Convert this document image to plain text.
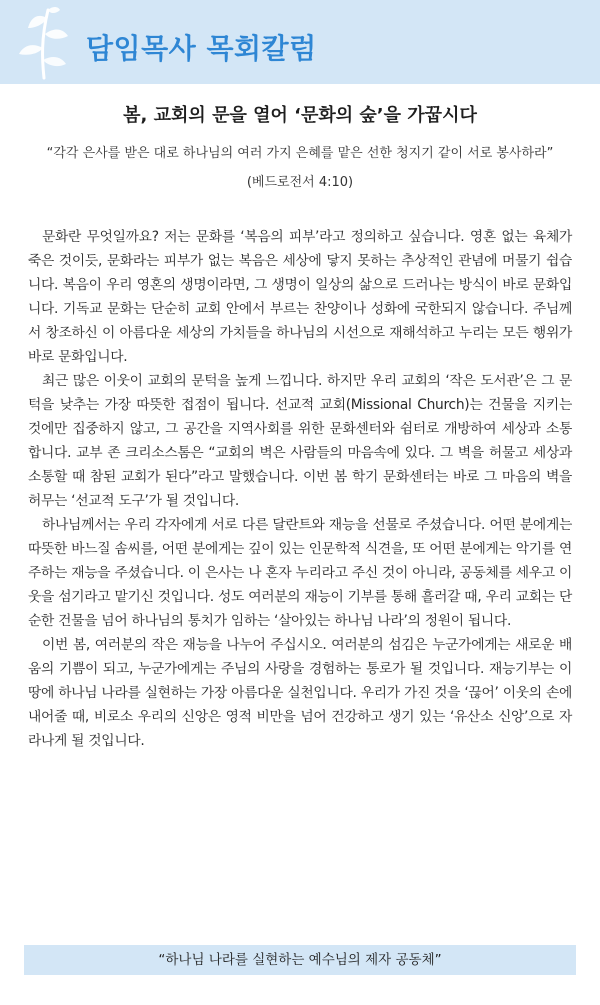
담임목사 목회칼럼
봄, 교회의 문을 열어 ‘문화의 숲’을 가꿉시다
“각각 은사를 받은 대로 하나님의 여러 가지 은혜를 맡은 선한 청지기 같이 서로 봉사하라”
(베드로전서 4:10)

문화란 무엇일까요? 저는 문화를 ‘복음의 피부’라고 정의하고 싶습니다. 영혼 없는 육체가 죽은 것이듯, 문화라는 피부가 없는 복음은 세상에 닿지 못하는 추상적인 관념에 머물기 쉽습니다. 복음이 우리 영혼의 생명이라면, 그 생명이 일상의 삶으로 드러나는 방식이 바로 문화입니다. 기독교 문화는 단순히 교회 안에서 부르는 찬양이나 성화에 국한되지 않습니다. 주님께서 창조하신 이 아름다운 세상의 가치들을 하나님의 시선으로 재해석하고 누리는 모든 행위가 바로 문화입니다.

최근 많은 이웃이 교회의 문턱을 높게 느낍니다. 하지만 우리 교회의 ‘작은 도서관’은 그 문턱을 낮추는 가장 따뜻한 접점이 됩니다. 선교적 교회(Missional Church)는 건물을 지키는 것에만 집중하지 않고, 그 공간을 지역사회를 위한 문화센터와 쉼터로 개방하여 세상과 소통합니다. 교부 존 크리소스톰은 “교회의 벽은 사람들의 마음속에 있다. 그 벽을 허물고 세상과 소통할 때 참된 교회가 된다”라고 말했습니다. 이번 봄 학기 문화센터는 바로 그 마음의 벽을 허무는 ‘선교적 도구’가 될 것입니다.

하나님께서는 우리 각자에게 서로 다른 달란트와 재능을 선물로 주셨습니다. 어떤 분에게는 따뜻한 바느질 솜씨를, 어떤 분에게는 깊이 있는 인문학적 식견을, 또 어떤 분에게는 악기를 연주하는 재능을 주셨습니다. 이 은사는 나 혼자 누리라고 주신 것이 아니라, 공동체를 세우고 이웃을 섬기라고 맡기신 것입니다. 성도 여러분의 재능이 기부를 통해 흘러갈 때, 우리 교회는 단순한 건물을 넘어 하나님의 통치가 임하는 ‘살아있는 하나님 나라’의 정원이 됩니다.

이번 봄, 여러분의 작은 재능을 나누어 주십시오. 여러분의 섬김은 누군가에게는 새로운 배움의 기쁨이 되고, 누군가에게는 주님의 사랑을 경험하는 통로가 될 것입니다. 재능기부는 이 땅에 하나님 나라를 실현하는 가장 아름다운 실천입니다. 우리가 가진 것을 ‘끊어’ 이웃의 손에 내어줄 때, 비로소 우리의 신앙은 영적 비만을 넘어 건강하고 생기 있는 ‘유산소 신앙’으로 자라나게 될 것입니다.

“하나님 나라를 실현하는 예수님의 제자 공동체”
